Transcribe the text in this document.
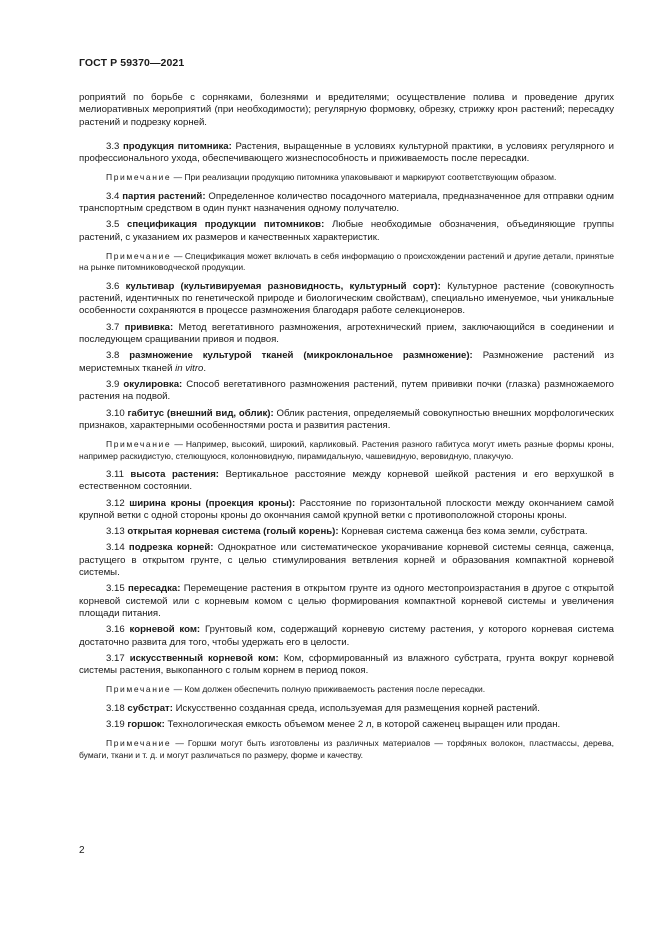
ГОСТ Р 59370—2021

роприятий по борьбе с сорняками, болезнями и вредителями; осуществление полива и проведение других мелиоративных мероприятий (при необходимости); регулярную формовку, обрезку, стрижку крон растений; пересадку растений и подрезку корней.

3.3 продукция питомника: Растения, выращенные в условиях культурной практики, в условиях регулярного и профессионального ухода, обеспечивающего жизнеспособность и приживаемость после пересадки.

Примечание — При реализации продукцию питомника упаковывают и маркируют соответствующим образом.

3.4 партия растений: Определенное количество посадочного материала, предназначенное для отправки одним транспортным средством в один пункт назначения одному получателю.

3.5 спецификация продукции питомников: Любые необходимые обозначения, объединяющие группы растений, с указанием их размеров и качественных характеристик.

Примечание — Спецификация может включать в себя информацию о происхождении растений и другие детали, принятые на рынке питомниководческой продукции.

3.6 культивар (культивируемая разновидность, культурный сорт): Культурное растение (совокупность растений, идентичных по генетической природе и биологическим свойствам), специально именуемое, чьи уникальные особенности сохраняются в процессе размножения благодаря работе селекционеров.

3.7 прививка: Метод вегетативного размножения, агротехнический прием, заключающийся в соединении и последующем сращивании привоя и подвоя.

3.8 размножение культурой тканей (микроклональное размножение): Размножение растений из меристемных тканей in vitro.

3.9 окулировка: Способ вегетативного размножения растений, путем прививки почки (глазка) размножаемого растения на подвой.

3.10 габитус (внешний вид, облик): Облик растения, определяемый совокупностью внешних морфологических признаков, характерными особенностями роста и развития растения.

Примечание — Например, высокий, широкий, карликовый. Растения разного габитуса могут иметь разные формы кроны, например раскидистую, стелющуюся, колонновидную, пирамидальную, чашевидную, веровидную, плакучую.

3.11 высота растения: Вертикальное расстояние между корневой шейкой растения и его верхушкой в естественном состоянии.

3.12 ширина кроны (проекция кроны): Расстояние по горизонтальной плоскости между окончанием самой крупной ветки с одной стороны кроны до окончания самой крупной ветки с противоположной стороны кроны.

3.13 открытая корневая система (голый корень): Корневая система саженца без кома земли, субстрата.

3.14 подрезка корней: Однократное или систематическое укорачивание корневой системы сеянца, саженца, растущего в открытом грунте, с целью стимулирования ветвления корней и образования компактной корневой системы.

3.15 пересадка: Перемещение растения в открытом грунте из одного местопроизрастания в другое с открытой корневой системой или с корневым комом с целью формирования компактной корневой системы и увеличения площади питания.

3.16 корневой ком: Грунтовый ком, содержащий корневую систему растения, у которого корневая система достаточно развита для того, чтобы удержать его в целости.

3.17 искусственный корневой ком: Ком, сформированный из влажного субстрата, грунта вокруг корневой системы растения, выкопанного с голым корнем в период покоя.

Примечание — Ком должен обеспечить полную приживаемость растения после пересадки.

3.18 субстрат: Искусственно созданная среда, используемая для размещения корней растений.

3.19 горшок: Технологическая емкость объемом менее 2 л, в которой саженец выращен или продан.

Примечание — Горшки могут быть изготовлены из различных материалов — торфяных волокон, пластмассы, дерева, бумаги, ткани и т. д. и могут различаться по размеру, форме и качеству.

2
